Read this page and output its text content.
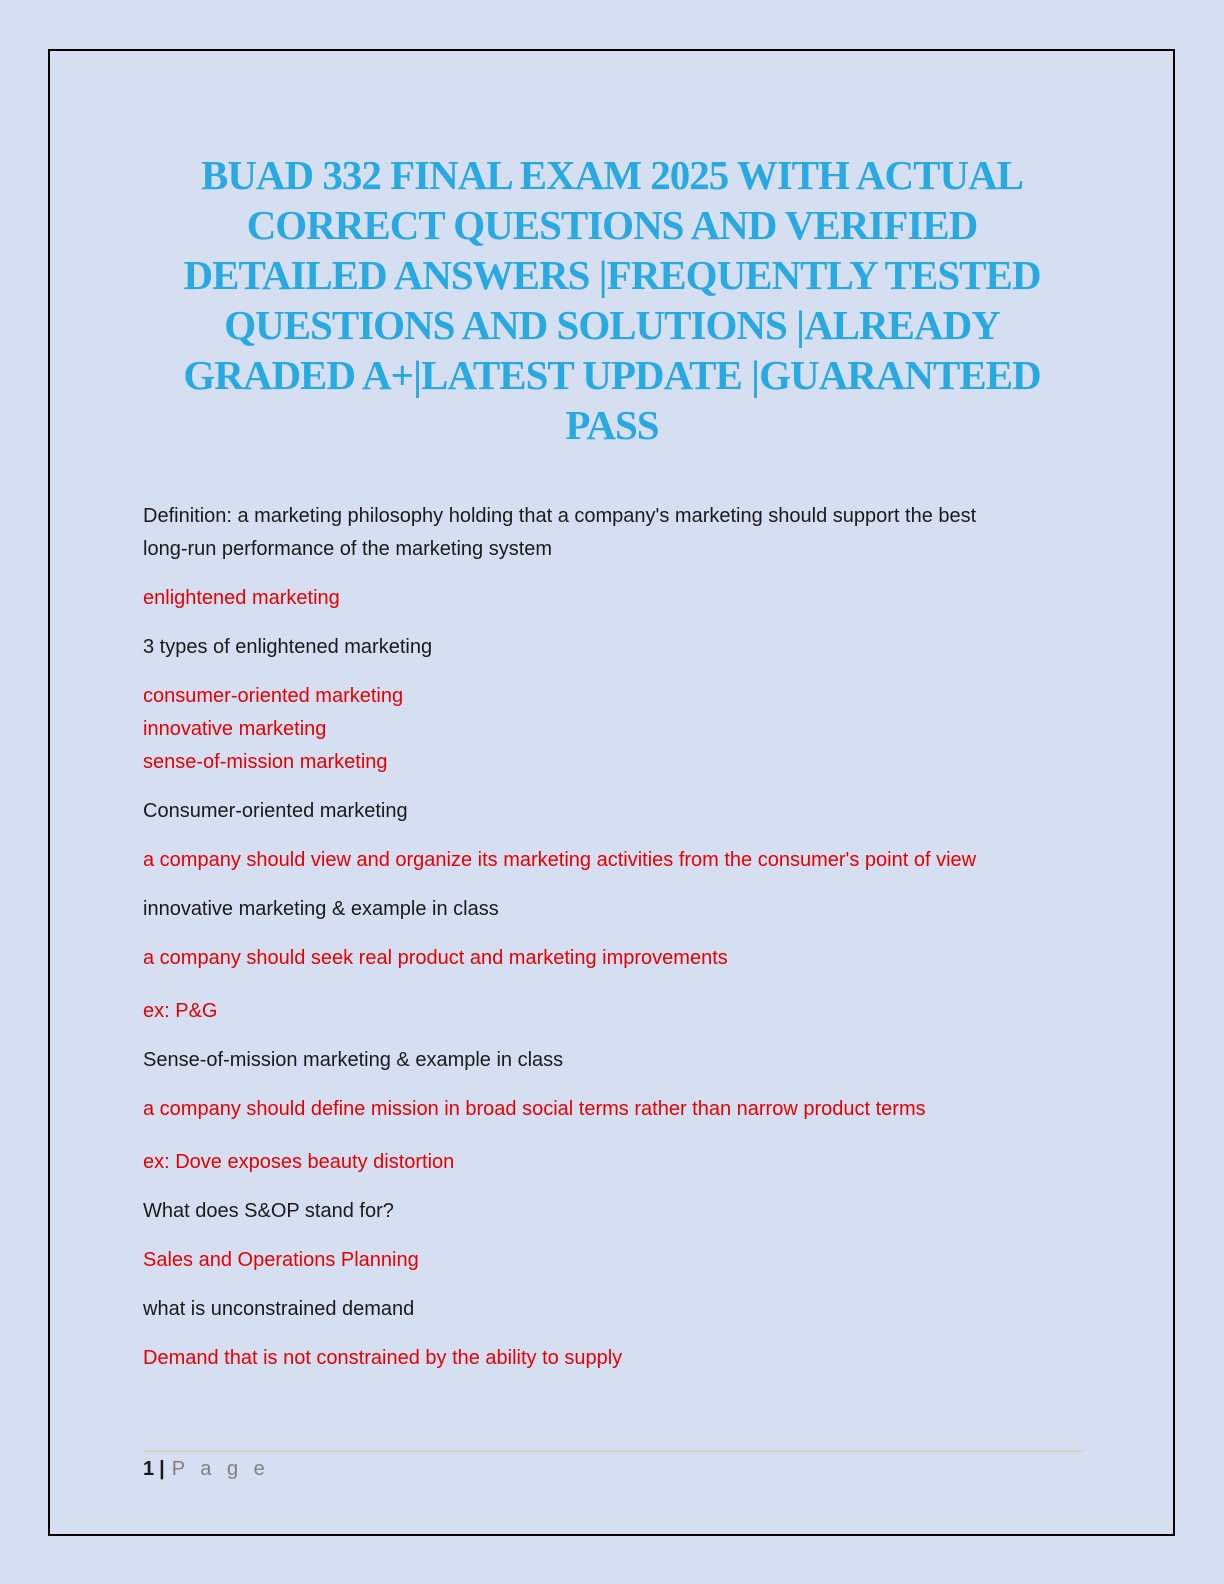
BUAD 332 FINAL EXAM 2025 WITH ACTUAL
CORRECT QUESTIONS AND VERIFIED
DETAILED ANSWERS |FREQUENTLY TESTED
QUESTIONS AND SOLUTIONS |ALREADY
GRADED A+|LATEST UPDATE |GUARANTEED
PASS

Definition: a marketing philosophy holding that a company's marketing should support the best
long-run performance of the marketing system

enlightened marketing

3 types of enlightened marketing

consumer-oriented marketing
innovative marketing
sense-of-mission marketing

Consumer-oriented marketing

a company should view and organize its marketing activities from the consumer's point of view

innovative marketing & example in class

a company should seek real product and marketing improvements

ex: P&G

Sense-of-mission marketing & example in class

a company should define mission in broad social terms rather than narrow product terms

ex: Dove exposes beauty distortion

What does S&OP stand for?

Sales and Operations Planning

what is unconstrained demand

Demand that is not constrained by the ability to supply

1 | P a g e
